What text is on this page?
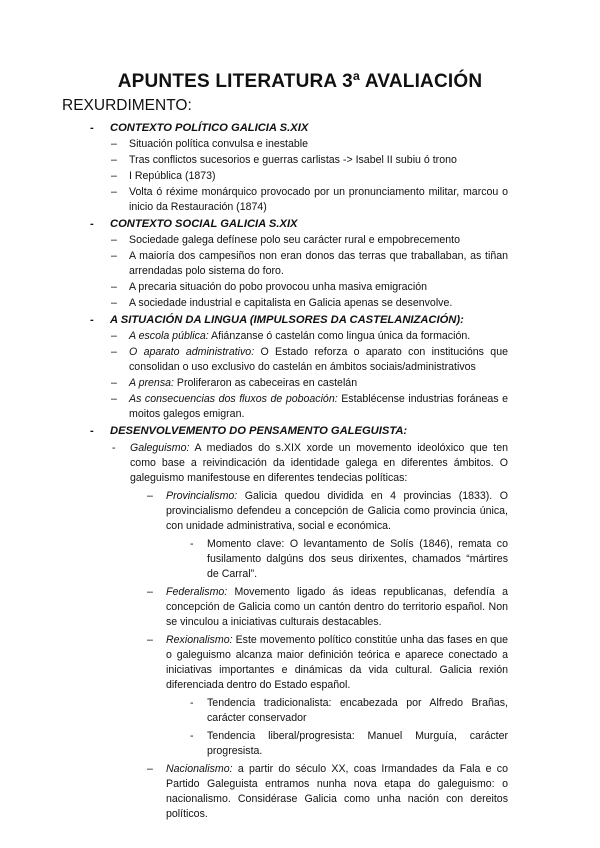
APUNTES LITERATURA 3ª AVALIACIÓN
REXURDIMENTO:
- CONTEXTO POLÍTICO GALICIA S.XIX
– Situación política convulsa e inestable
– Tras conflictos sucesorios e guerras carlistas -> Isabel II subiu ó trono
– I República (1873)
– Volta ó réxime monárquico provocado por un pronunciamento militar, marcou o inicio da Restauración (1874)
- CONTEXTO SOCIAL GALICIA S.XIX
– Sociedade galega defínese polo seu carácter rural e empobrecemento
– A maioría dos campesiños non eran donos das terras que traballaban, as tiñan arrendadas polo sistema do foro.
– A precaria situación do pobo provocou unha masiva emigración
– A sociedade industrial e capitalista en Galicia apenas se desenvolve.
- A SITUACIÓN DA LINGUA (IMPULSORES DA CASTELANIZACIÓN):
– A escola pública: Afiánzanse ó castelán como lingua única da formación.
– O aparato administrativo: O Estado reforza o aparato con institucións que consolidan o uso exclusivo do castelán en ámbitos sociais/administrativos
– A prensa: Proliferaron as cabeceiras en castelán
– As consecuencias dos fluxos de poboación: Establécense industrias foráneas e moitos galegos emigran.
- DESENVOLVEMENTO DO PENSAMENTO GALEGUISTA:
- Galeguismo: A mediados do s.XIX xorde un movemento ideolóxico que ten como base a reivindicación da identidade galega en diferentes ámbitos. O galeguismo manifestouse en diferentes tendecias políticas:
– Provincialismo: Galicia quedou dividida en 4 provincias (1833). O provincialismo defendeu a concepción de Galicia como provincia única, con unidade administrativa, social e económica.
- Momento clave: O levantamento de Solís (1846), remata co fusilamento dalgúns dos seus dirixentes, chamados “mártires de Carral”.
– Federalismo: Movemento ligado ás ideas republicanas, defendía a concepción de Galicia como un cantón dentro do territorio español. Non se vinculou a iniciativas culturais destacables.
– Rexionalismo: Este movemento político constitúe unha das fases en que o galeguismo alcanza maior definición teórica e aparece conectado a iniciativas importantes e dinámicas da vida cultural. Galicia rexión diferenciada dentro do Estado español.
- Tendencia tradicionalista: encabezada por Alfredo Brañas, carácter conservador
- Tendencia liberal/progresista: Manuel Murguía, carácter progresista.
– Nacionalismo: a partir do século XX, coas Irmandades da Fala e co Partido Galeguista entramos nunha nova etapa do galeguismo: o nacionalismo. Considérase Galicia como unha nación con dereitos políticos.
